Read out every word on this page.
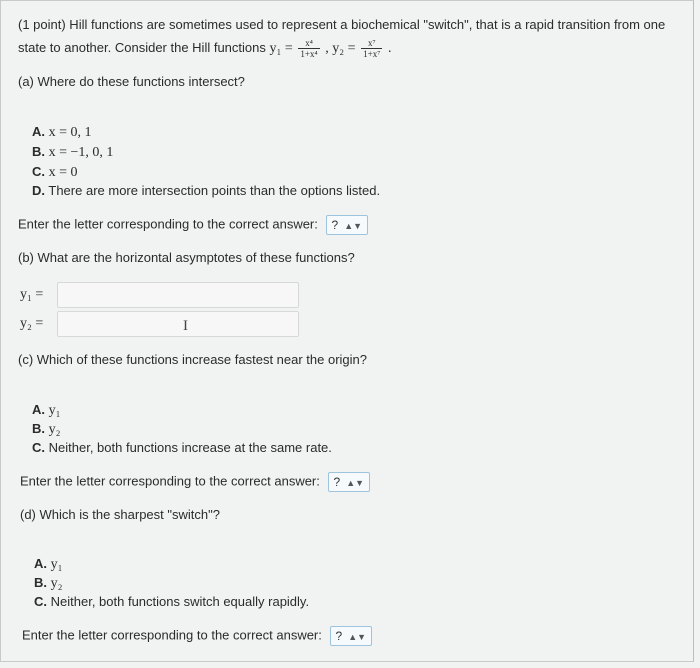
(1 point) Hill functions are sometimes used to represent a biochemical "switch", that is a rapid transition from one
state to another. Consider the Hill functions $y_1 = \frac{\text{x⁴}}{\text{1+x⁴}}$ , $y_2 = \frac{\text{x⁷}}{\text{1+x⁷}}$ .
(a) Where do these functions intersect?
A. x = 0, 1
B. x = −1, 0, 1
C. x = 0
D. There are more intersection points than the options listed.
Enter the letter corresponding to the correct answer: ? ▲▼
(b) What are the horizontal asymptotes of these functions?
y₁ =
y₂ =	I
(c) Which of these functions increase fastest near the origin?
A. y₁
B. y₂
C. Neither, both functions increase at the same rate.
Enter the letter corresponding to the correct answer: ? ▲▼
(d) Which is the sharpest "switch"?
A. y₁
B. y₂
C. Neither, both functions switch equally rapidly.
Enter the letter corresponding to the correct answer: ? ▲▼
